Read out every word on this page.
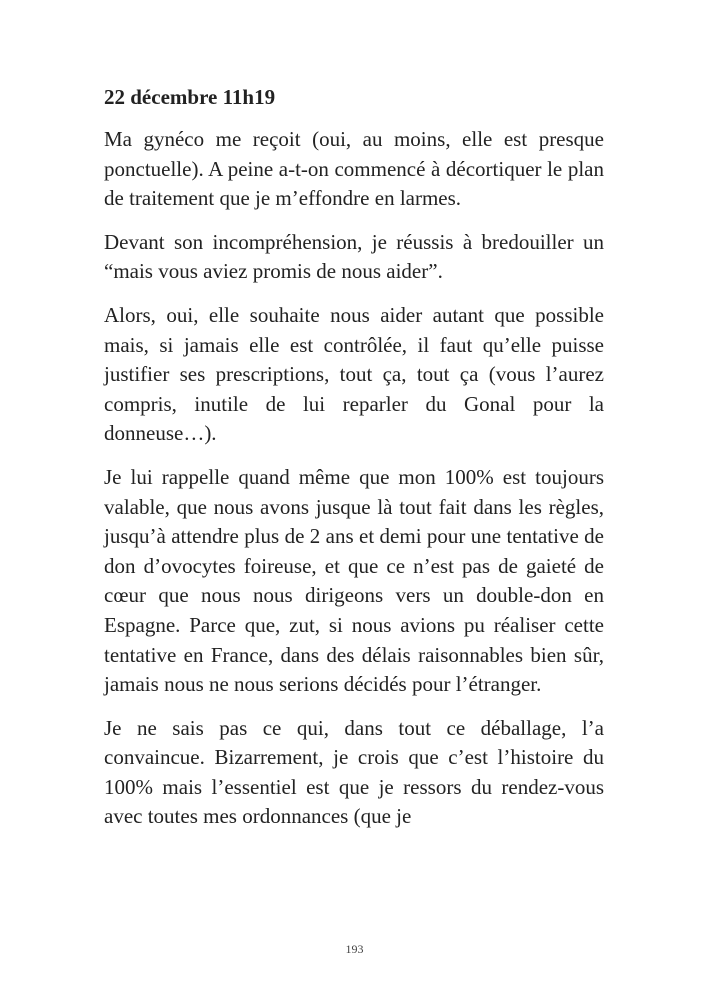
22 décembre 11h19

Ma gynéco me reçoit (oui, au moins, elle est presque ponctuelle). A peine a-t-on commencé à décortiquer le plan de traitement que je m’effondre en larmes.

Devant son incompréhension, je réussis à bredouiller un “mais vous aviez promis de nous aider”.

Alors, oui, elle souhaite nous aider autant que possible mais, si jamais elle est contrôlée, il faut qu’elle puisse justifier ses prescriptions, tout ça, tout ça (vous l’aurez compris, inutile de lui reparler du Gonal pour la donneuse…).

Je lui rappelle quand même que mon 100% est toujours valable, que nous avons jusque là tout fait dans les règles, jusqu’à attendre plus de 2 ans et demi pour une tentative de don d’ovocytes foireuse, et que ce n’est pas de gaieté de cœur que nous nous dirigeons vers un double-don en Espagne. Parce que, zut, si nous avions pu réaliser cette tentative en France, dans des délais raisonnables bien sûr, jamais nous ne nous serions décidés pour l’étranger.

Je ne sais pas ce qui, dans tout ce déballage, l’a convaincue. Bizarrement, je crois que c’est l’histoire du 100% mais l’essentiel est que je ressors du rendez-vous avec toutes mes ordonnances (que je

193
